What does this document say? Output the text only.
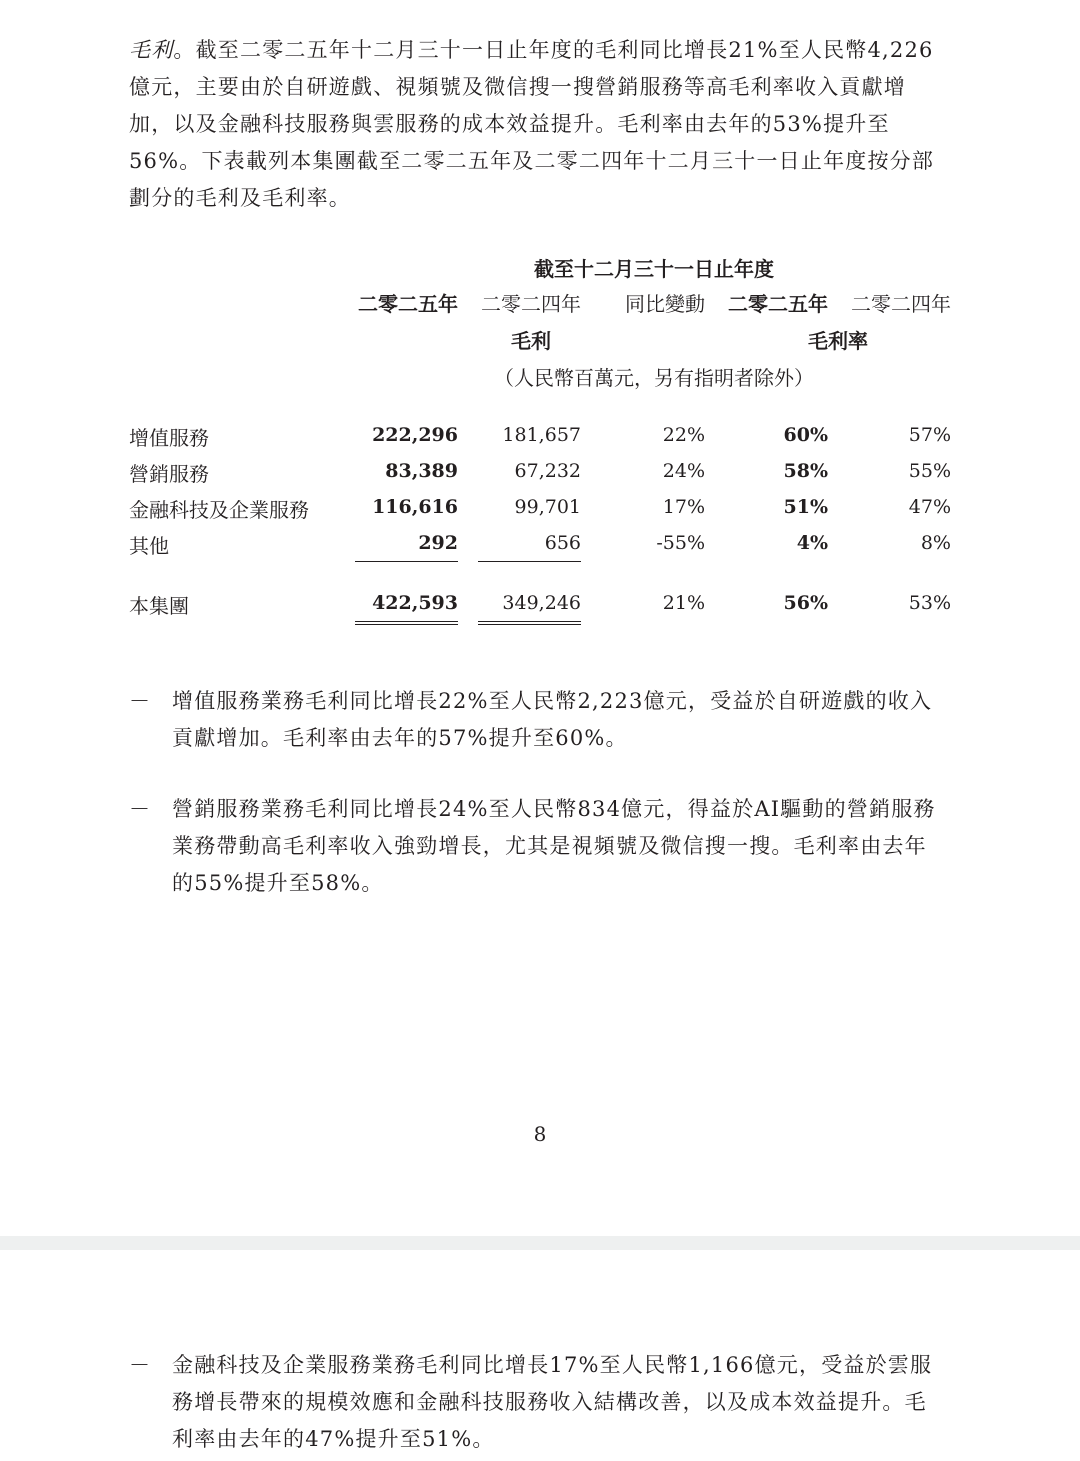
毛利。截至二零二五年十二月三十一日止年度的毛利同比增長21%至人民幣4,226
億元，主要由於自研遊戲、視頻號及微信搜一搜營銷服務等高毛利率收入貢獻增
加，以及金融科技服務與雲服務的成本效益提升。毛利率由去年的53%提升至
56%。下表載列本集團截至二零二五年及二零二四年十二月三十一日止年度按分部
劃分的毛利及毛利率。
截至十二月三十一日止年度
二零二五年	二零二四年	同比變動	二零二五年	二零二四年
毛利	毛利率
（人民幣百萬元，另有指明者除外）
增值服務	222,296	181,657	22%	60%	57%
營銷服務	83,389	67,232	24%	58%	55%
金融科技及企業服務	116,616	99,701	17%	51%	47%
其他	292	656	-55%	4%	8%
本集團	422,593	349,246	21%	56%	53%
－ 增值服務業務毛利同比增長22%至人民幣2,223億元，受益於自研遊戲的收入
貢獻增加。毛利率由去年的57%提升至60%。
－ 營銷服務業務毛利同比增長24%至人民幣834億元，得益於AI驅動的營銷服務
業務帶動高毛利率收入強勁增長，尤其是視頻號及微信搜一搜。毛利率由去年
的55%提升至58%。
8
－ 金融科技及企業服務業務毛利同比增長17%至人民幣1,166億元，受益於雲服
務增長帶來的規模效應和金融科技服務收入結構改善，以及成本效益提升。毛
利率由去年的47%提升至51%。
